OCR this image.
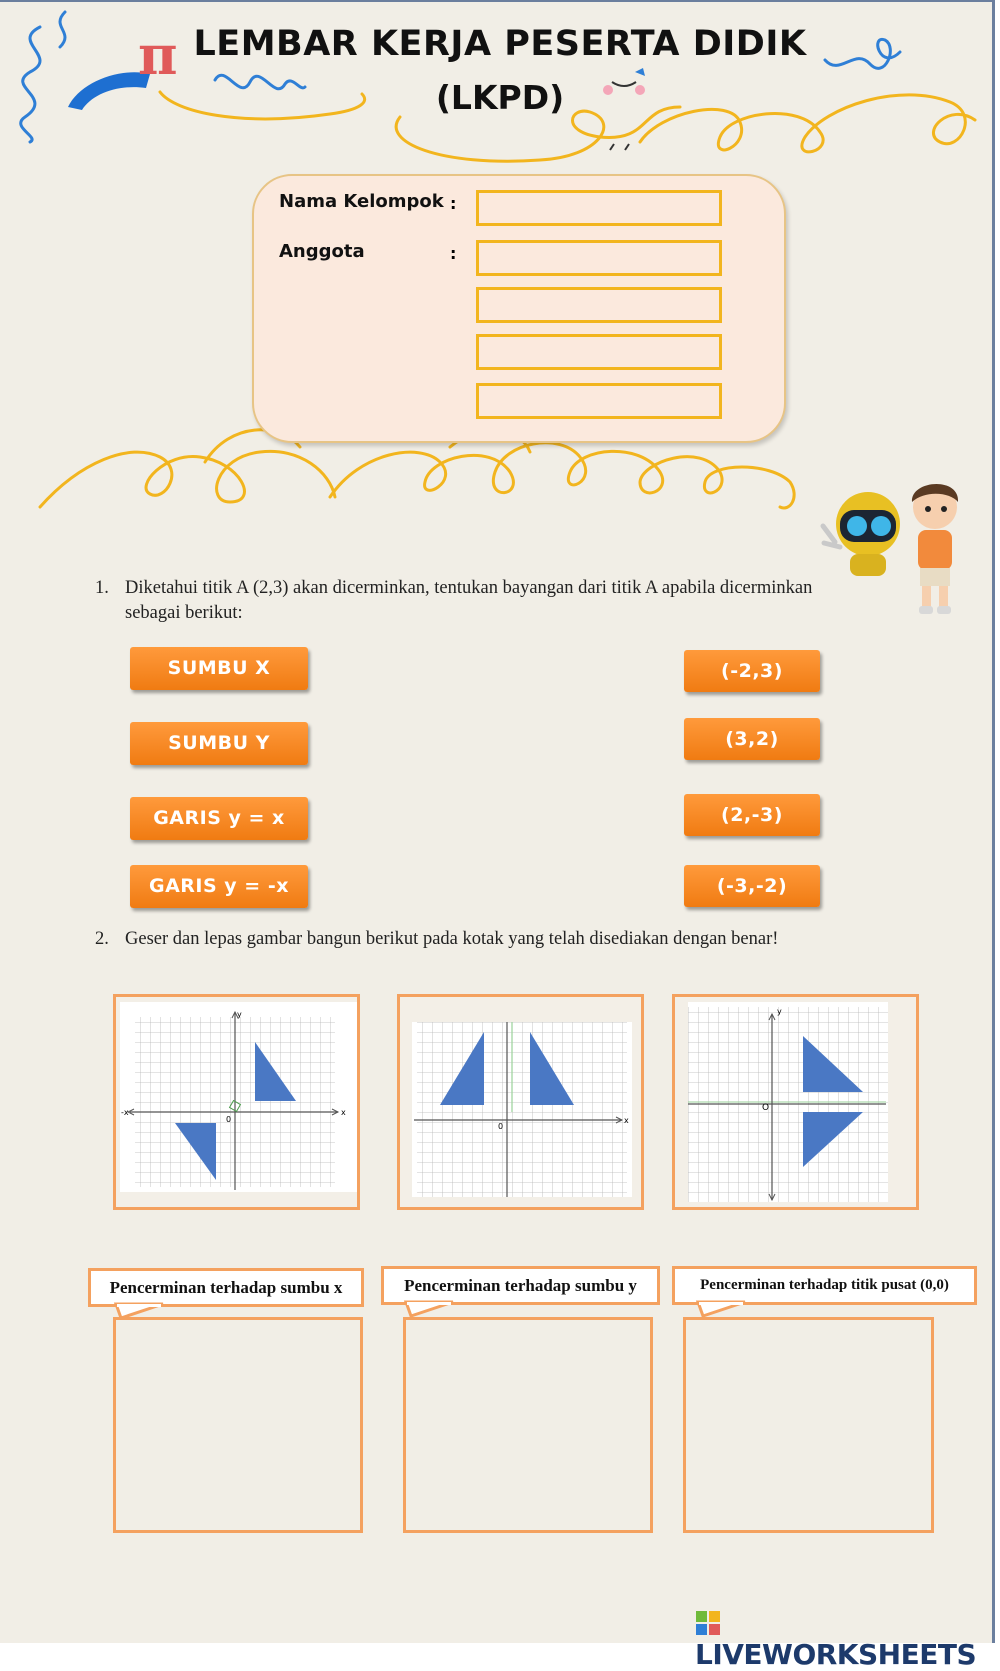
π LEMBAR KERJA PESERTA DIDIK
(LKPD)
Nama Kelompok :
Anggota	:
1. Diketahui titik A (2,3) akan dicerminkan, tentukan bayangan dari titik A apabila dicerminkan
sebagai berikut:
SUMBU X
SUMBU Y
GARIS y = x
GARIS y = -x
(-2,3)
(3,2)
(2,-3)
(-3,-2)
2. Geser dan lepas gambar bangun berikut pada kotak yang telah disediakan dengan benar!
x
-x
y
0	x
0
y
O
Pencerminan terhadap sumbu x	Pencerminan terhadap sumbu y	Pencerminan terhadap titik pusat (0,0)
LIVEWORKSHEETS
